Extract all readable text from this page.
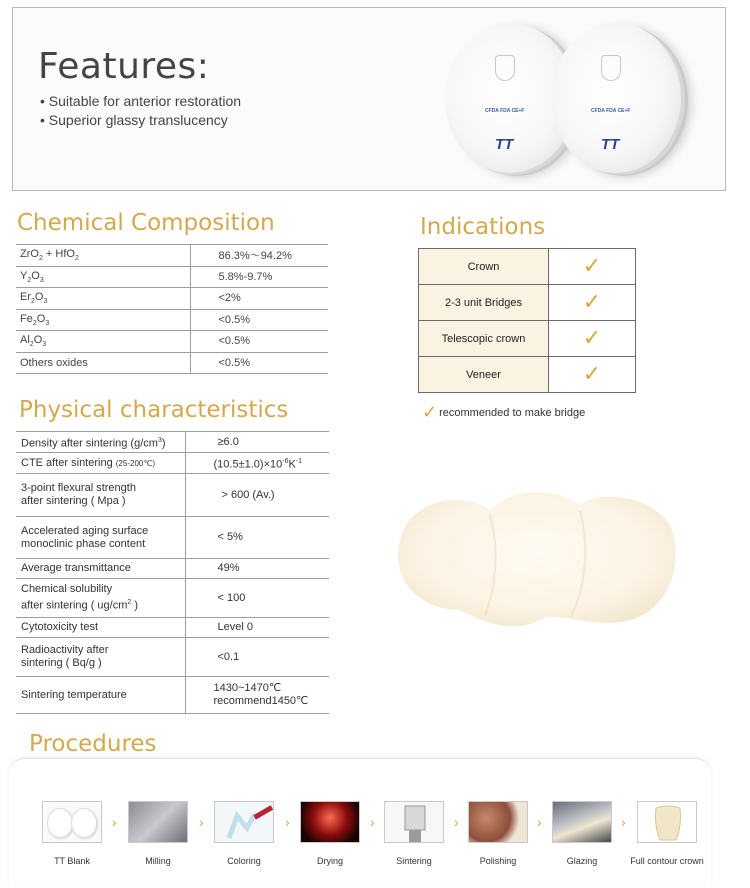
Features:
• Suitable for anterior restoration
• Superior glassy translucency
CFDA FDA CE+F
TT
CFDA FDA CE+F
TT
Chemical Composition
ZrO$_2$ + HfO$_2$	86.3%～94.2%
$Y_2O_3$	5.8%-9.7%
$Er_2O_3$	<2%
$Fe_2O_3$	<0.5%
$Al_2O_3$	<0.5%
Others oxides	<0.5%
Indications
Crown	✓
2-3 unit Bridges	✓
Telescopic crown	✓
Veneer	✓
✓ recommended to make bridge
Physical characteristics
Density after sintering $(g/cm^3)$	≥6.0
CTE after sintering (25-200℃)	$(10.5\pm 1.0)\times 10^{-6}K^{-1}$
3-point flexural strength
after sintering ( Mpa )	> 600 (Av.)
Accelerated aging surface
monoclinic phase content	< 5%
Average transmittance	49%
Chemical solubility
after sintering ( $ug/cm^2$ )	< 100
Cytotoxicity test	Level 0
Radioactivity after
sintering ( Bq/g )	<0.1
Sintering temperature	1430~1470℃
recommend1450℃
Procedures
TT Blank
›
Milling
›
Coloring
›
Drying
›
Sintering
›
Polishing
›
Glazing
›
Full contour crown
